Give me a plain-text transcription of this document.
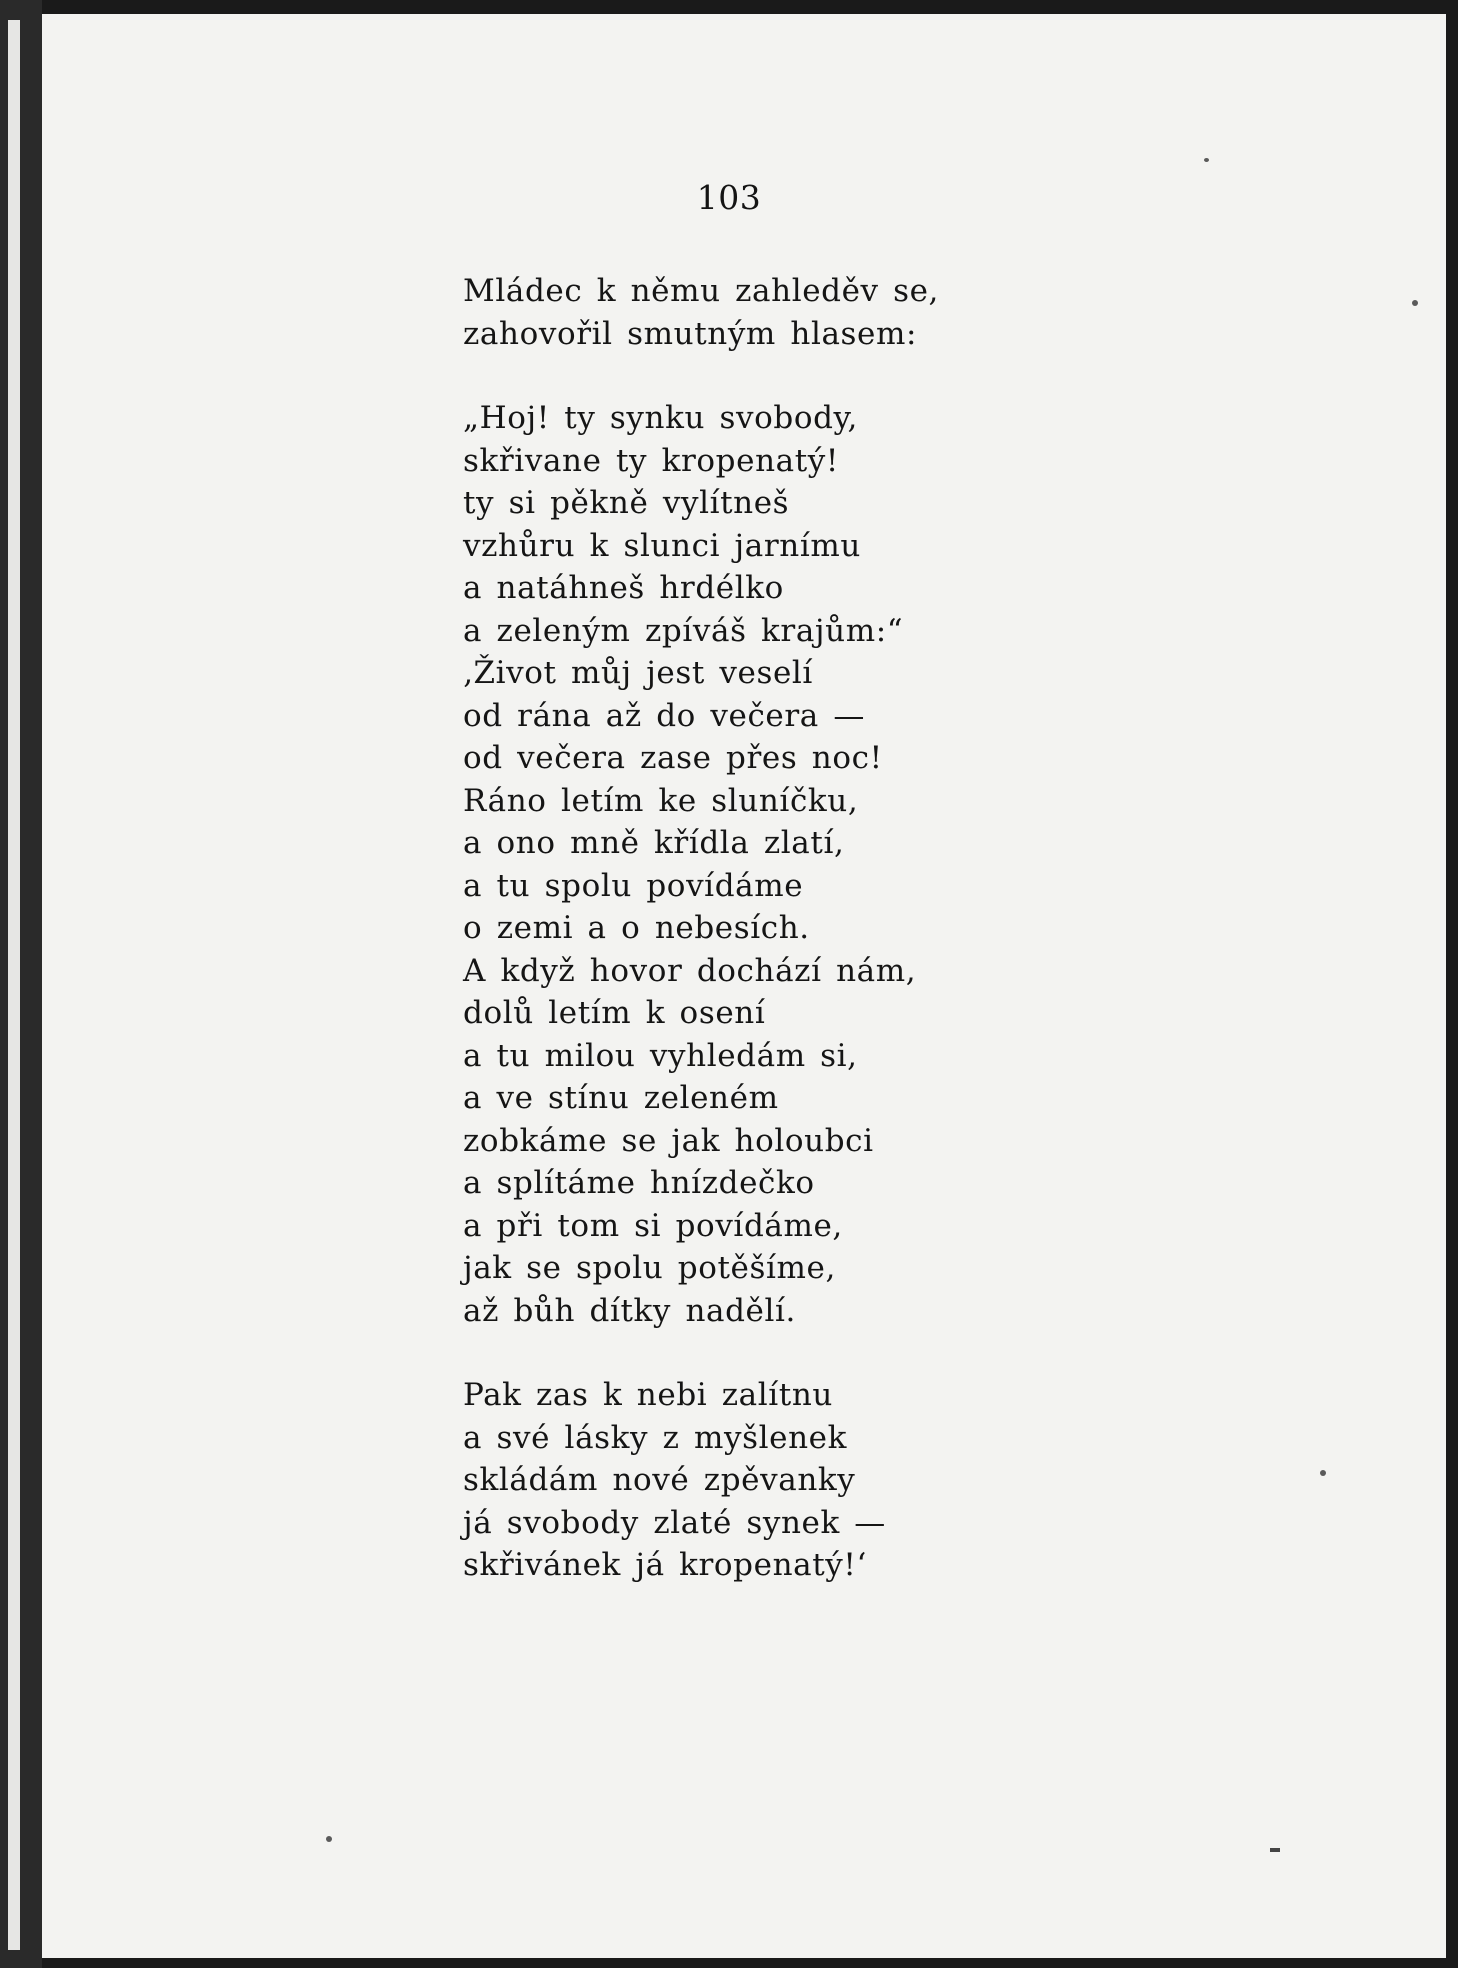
103
Mládec k němu zahleděv se,
zahovořil smutným hlasem:
„Hoj! ty synku svobody,
skřivane ty kropenatý!
ty si pěkně vylítneš
vzhůru k slunci jarnímu
a natáhneš hrdélko
a zeleným zpíváš krajům:“
‚Život můj jest veselí
od rána až do večera —
od večera zase přes noc!
Ráno letím ke sluníčku,
a ono mně křídla zlatí,
a tu spolu povídáme
o zemi a o nebesích.
A když hovor dochází nám,
dolů letím k osení
a tu milou vyhledám si,
a ve stínu zeleném
zobkáme se jak holoubci
a splítáme hnízdečko
a při tom si povídáme,
jak se spolu potěšíme,
až bůh dítky nadělí.
Pak zas k nebi zalítnu
a své lásky z myšlenek
skládám nové zpěvanky
já svobody zlaté synek —
skřivánek já kropenatý!‘
